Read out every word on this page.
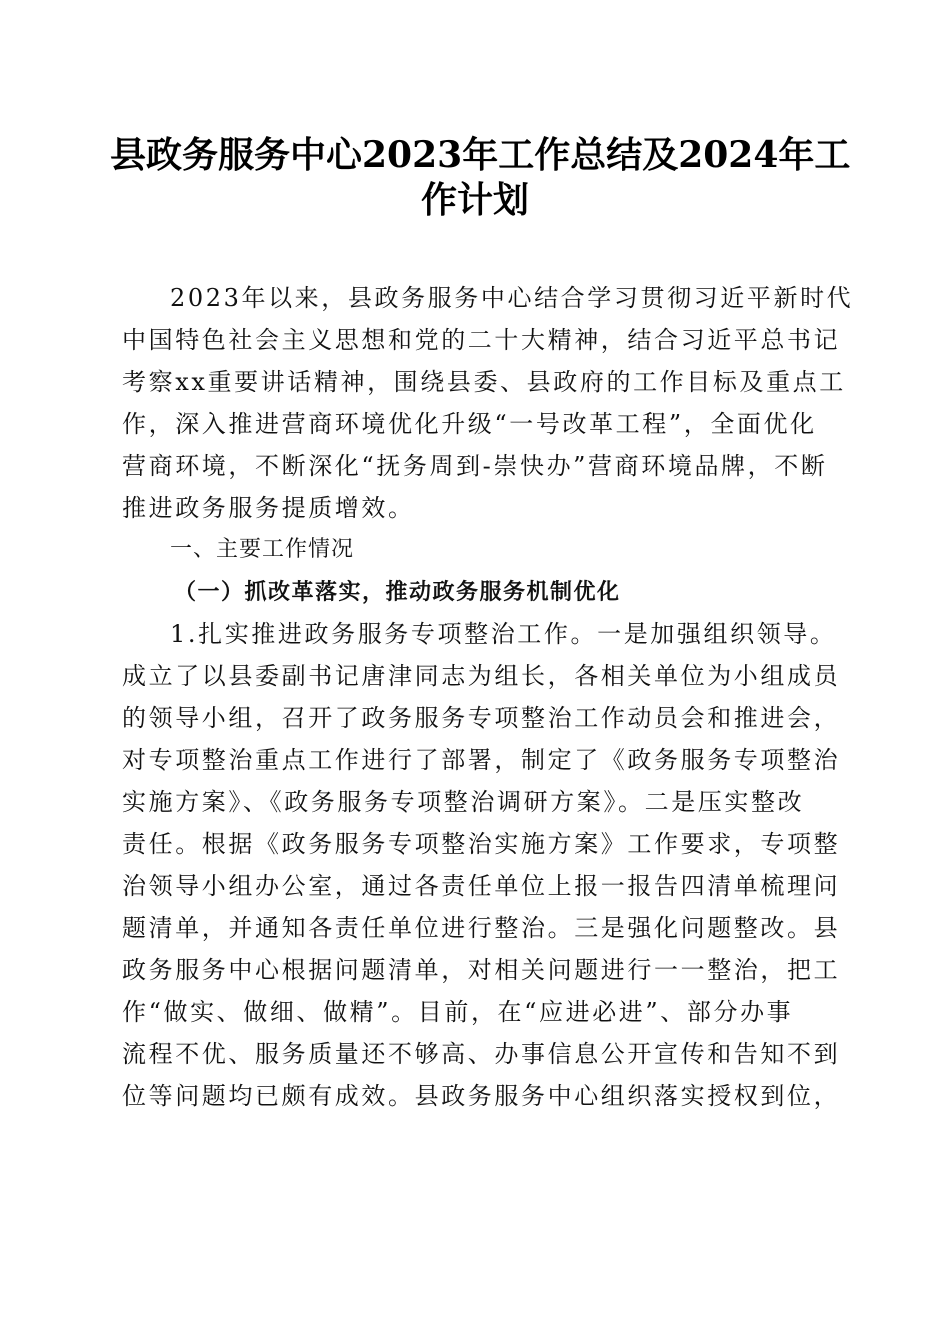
县政务服务中心2023年工作总结及2024年工
作计划

2023年以来，县政务服务中心结合学习贯彻习近平新时代
中国特色社会主义思想和党的二十大精神，结合习近平总书记
考察xx重要讲话精神，围绕县委、县政府的工作目标及重点工
作，深入推进营商环境优化升级“一号改革工程”，全面优化
营商环境，不断深化“抚务周到-崇快办”营商环境品牌，不断
推进政务服务提质增效。

一、主要工作情况

（一）抓改革落实，推动政务服务机制优化

1.扎实推进政务服务专项整治工作。一是加强组织领导。
成立了以县委副书记唐津同志为组长，各相关单位为小组成员
的领导小组，召开了政务服务专项整治工作动员会和推进会，
对专项整治重点工作进行了部署，制定了《政务服务专项整治
实施方案》、《政务服务专项整治调研方案》。二是压实整改
责任。根据《政务服务专项整治实施方案》工作要求，专项整
治领导小组办公室，通过各责任单位上报一报告四清单梳理问
题清单，并通知各责任单位进行整治。三是强化问题整改。县
政务服务中心根据问题清单，对相关问题进行一一整治，把工
作“做实、做细、做精”。目前，在“应进必进”、部分办事
流程不优、服务质量还不够高、办事信息公开宣传和告知不到
位等问题均已颇有成效。县政务服务中心组织落实授权到位，
